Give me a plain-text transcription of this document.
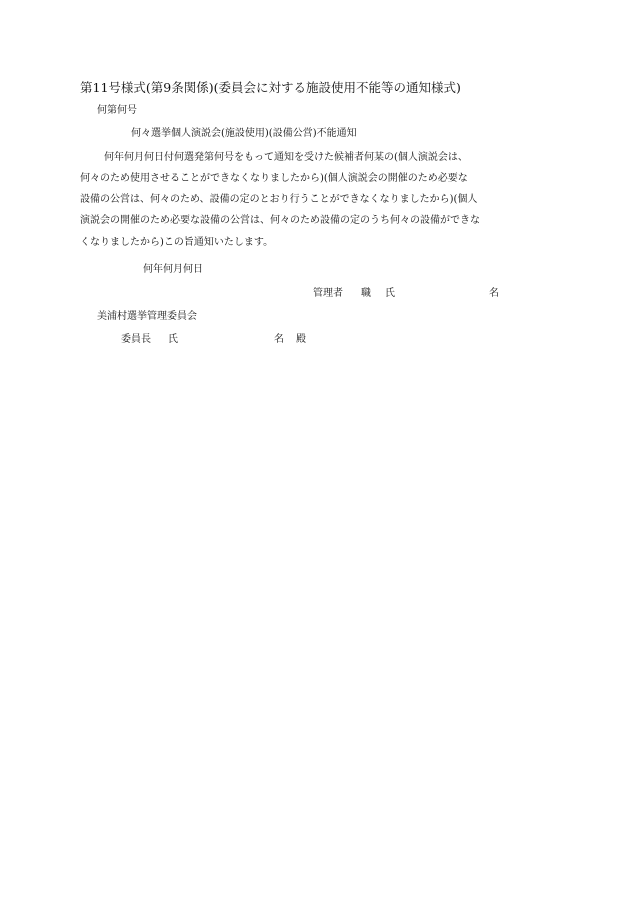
第11号様式(第9条関係)(委員会に対する施設使用不能等の通知様式)
何第何号
何々選挙個人演説会(施設使用)(設備公営)不能通知
何年何月何日付何選発第何号をもって通知を受けた候補者何某の(個人演説会は、
何々のため使用させることができなくなりましたから)(個人演説会の開催のため必要な
設備の公営は、何々のため、設備の定のとおり行うことができなくなりましたから)(個人
演説会の開催のため必要な設備の公営は、何々のため設備の定のうち何々の設備ができな
くなりましたから)この旨通知いたします。
何年何月何日
管理者 職 氏	名
美浦村選挙管理委員会
委員長 氏	名 殿
